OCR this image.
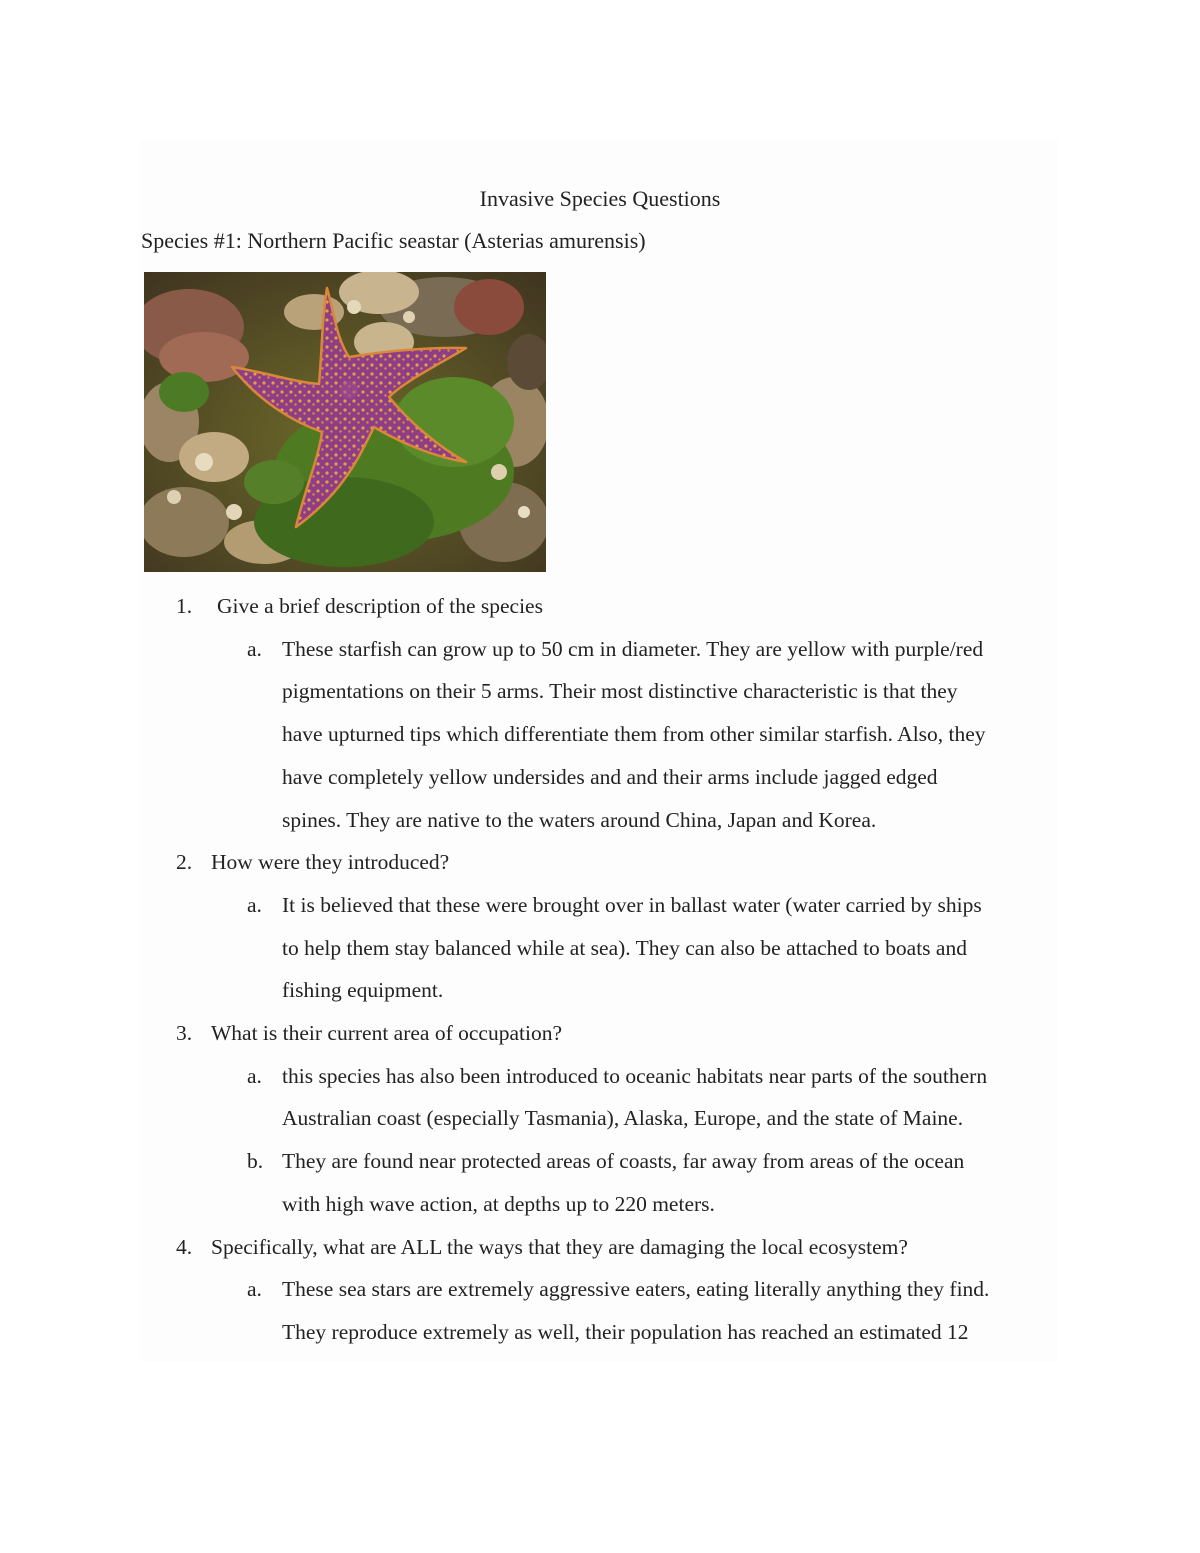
Invasive Species Questions
Species #1: Northern Pacific seastar (Asterias amurensis)
1. Give a brief description of the species
a. These starfish can grow up to 50 cm in diameter. They are yellow with purple/red
pigmentations on their 5 arms. Their most distinctive characteristic is that they
have upturned tips which differentiate them from other similar starfish. Also, they
have completely yellow undersides and and their arms include jagged edged
spines. They are native to the waters around China, Japan and Korea.
2. How were they introduced?
a. It is believed that these were brought over in ballast water (water carried by ships
to help them stay balanced while at sea). They can also be attached to boats and
fishing equipment.
3. What is their current area of occupation?
a. this species has also been introduced to oceanic habitats near parts of the southern
Australian coast (especially Tasmania), Alaska, Europe, and the state of Maine.
b. They are found near protected areas of coasts, far away from areas of the ocean
with high wave action, at depths up to 220 meters.
4. Specifically, what are ALL the ways that they are damaging the local ecosystem?
a. These sea stars are extremely aggressive eaters, eating literally anything they find.
They reproduce extremely as well, their population has reached an estimated 12
